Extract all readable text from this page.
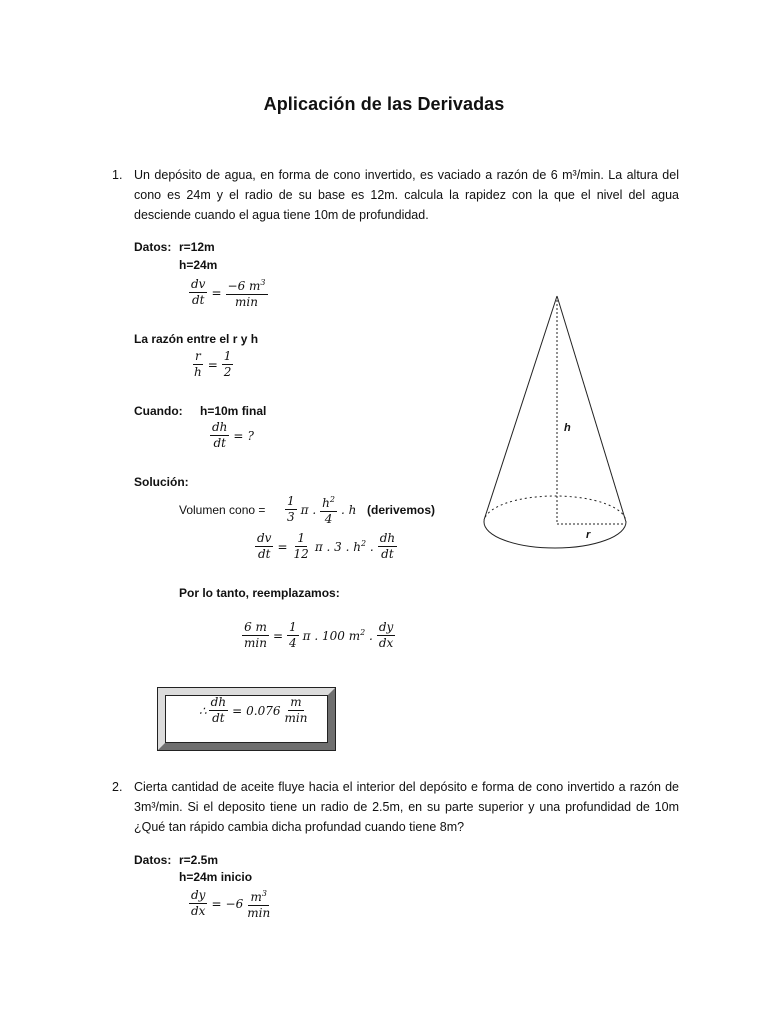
Aplicación de las Derivadas
1. Un depósito de agua, en forma de cono invertido, es vaciado a razón de 6 m³/min. La altura del
cono es 24m y el radio de su base es 12m. calcula la rapidez con la que el nivel del agua
desciende cuando el agua tiene 10m de profundidad.
Datos: r=12m
h=24m
$\frac{dv}{dt} = \frac{-6 m^3}{\min}$
La razón entre el r y h
$\frac{r}{h} = \frac{1}{2}$
Cuando: h=10m final
$\frac{dh}{dt}$ = ?
Solución:
Volumen cono = $\frac{1}{3}$ π . $\frac{h^2}{4}$ . h (derivemos)
$\frac{dv}{dt} = \frac{1}{12}$ π . 3 . $h^2$ . $\frac{dh}{dt}$
Por lo tanto, reemplazamos:
$\frac{6 m}{\min} = \frac{1}{4}$ π . 100 $m^2$ . $\frac{dy}{dx}$
∴ $\frac{dh}{dt} = 0.076 \frac{m}{\min}$
h
r
2. Cierta cantidad de aceite fluye hacia el interior del depósito e forma de cono invertido a razón de
3m³/min. Si el deposito tiene un radio de 2.5m, en su parte superior y una profundidad de 10m
¿Qué tan rápido cambia dicha profundad cuando tiene 8m?
Datos: r=2.5m
h=24m inicio
$\frac{dy}{dx} = -6 \frac{m^3}{\min}$
